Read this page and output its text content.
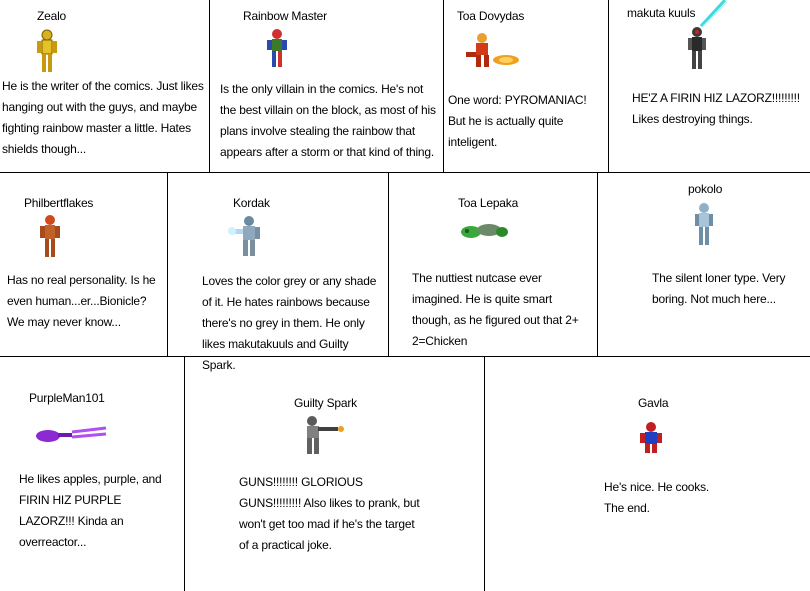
Zealo
He is the writer of the comics. Just likes hanging out with the guys, and maybe fighting rainbow master a little. Hates shields though...
Rainbow Master
Is the only villain in the comics. He's not the best villain on the block, as most of his plans involve stealing the rainbow that appears after a storm or that kind of thing.
Toa Dovydas
One word: PYROMANIAC! But he is actually quite inteligent.
makuta kuuls
HE'Z A FIRIN HIZ LAZORZ!!!!!!!!! Likes destroying things.
Philbertflakes
Has no real personality. Is he even human...er...Bionicle? We may never know...
Kordak
Loves the color grey or any shade of it. He hates rainbows because there's no grey in them. He only likes makutakuuls and Guilty Spark.
Toa Lepaka
The nuttiest nutcase ever imagined. He is quite smart though, as he figured out that 2+ 2=Chicken
pokolo
The silent loner type. Very boring. Not much here...
PurpleMan101
He likes apples, purple, and FIRIN HIZ PURPLE LAZORZ!!! Kinda an overreactor...
Guilty Spark
GUNS!!!!!!!! GLORIOUS GUNS!!!!!!!!! Also likes to prank, but won't get too mad if he's the target of a practical joke.
Gavla
He's nice. He cooks. The end.
